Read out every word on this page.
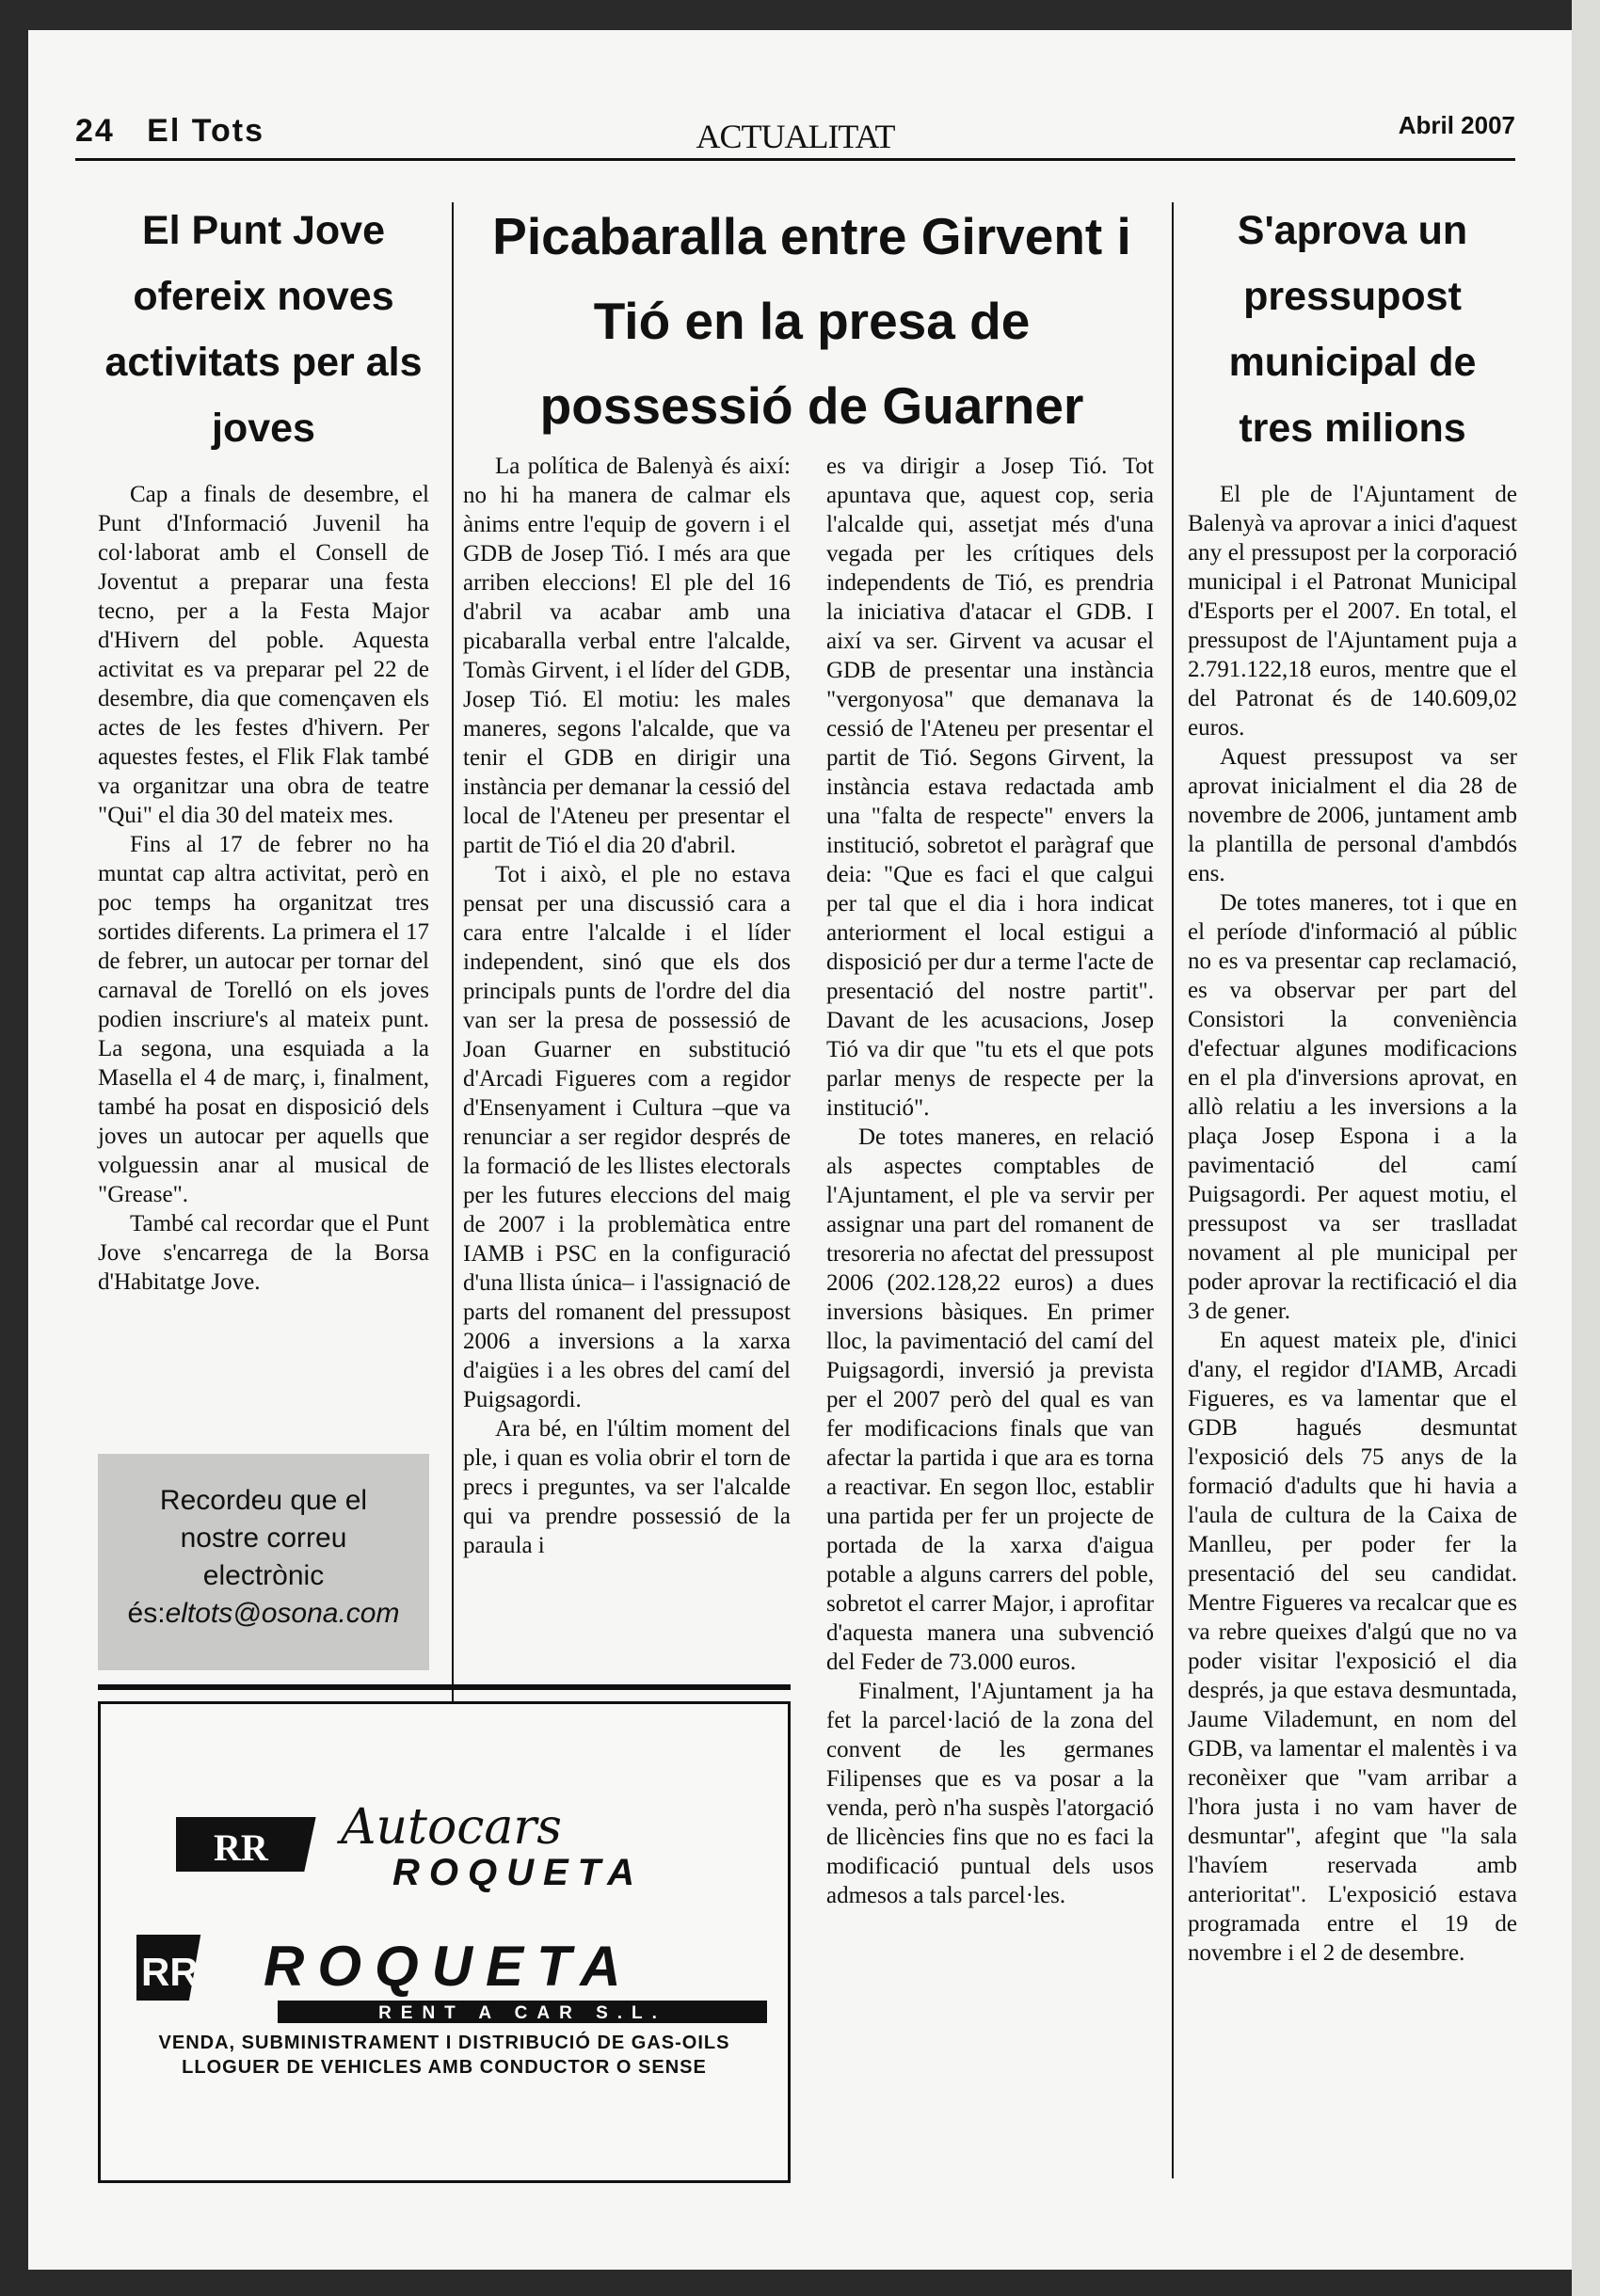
24 El Tots	ACTUALITAT	Abril 2007
El Punt Jove ofereix noves activitats per als joves

Cap a finals de desembre, el Punt d'Informació Juvenil ha col·laborat amb el Consell de Joventut a preparar una festa tecno, per a la Festa Major d'Hivern del poble. Aquesta activitat es va preparar pel 22 de desembre, dia que començaven els actes de les festes d'hivern. Per aquestes festes, el Flik Flak també va organitzar una obra de teatre "Qui" el dia 30 del mateix mes.

Fins al 17 de febrer no ha muntat cap altra activitat, però en poc temps ha organitzat tres sortides diferents. La primera el 17 de febrer, un autocar per tornar del carnaval de Torelló on els joves podien inscriure's al mateix punt. La segona, una esquiada a la Masella el 4 de març, i, finalment, també ha posat en disposició dels joves un autocar per aquells que volguessin anar al musical de "Grease".

També cal recordar que el Punt Jove s'encarrega de la Borsa d'Habitatge Jove.

Recordeu que el
nostre correu
electrònic
és:eltots@osona.com
Picabaralla entre Girvent i Tió en la presa de possessió de Guarner

La política de Balenyà és així: no hi ha manera de calmar els ànims entre l'equip de govern i el GDB de Josep Tió. I més ara que arriben eleccions! El ple del 16 d'abril va acabar amb una picabaralla verbal entre l'alcalde, Tomàs Girvent, i el líder del GDB, Josep Tió. El motiu: les males maneres, segons l'alcalde, que va tenir el GDB en dirigir una instància per demanar la cessió del local de l'Ateneu per presentar el partit de Tió el dia 20 d'abril.

Tot i això, el ple no estava pensat per una discussió cara a cara entre l'alcalde i el líder independent, sinó que els dos principals punts de l'ordre del dia van ser la presa de possessió de Joan Guarner en substitució d'Arcadi Figueres com a regidor d'Ensenyament i Cultura –que va renunciar a ser regidor després de la formació de les llistes electorals per les futures eleccions del maig de 2007 i la problemàtica entre IAMB i PSC en la configuració d'una llista única– i l'assignació de parts del romanent del pressupost 2006 a inversions a la xarxa d'aigües i a les obres del camí del Puigsagordi.

Ara bé, en l'últim moment del ple, i quan es volia obrir el torn de precs i preguntes, va ser l'alcalde qui va prendre possessió de la paraula i

es va dirigir a Josep Tió. Tot apuntava que, aquest cop, seria l'alcalde qui, assetjat més d'una vegada per les crítiques dels independents de Tió, es prendria la iniciativa d'atacar el GDB. I així va ser. Girvent va acusar el GDB de presentar una instància "vergonyosa" que demanava la cessió de l'Ateneu per presentar el partit de Tió. Segons Girvent, la instància estava redactada amb una "falta de respecte" envers la institució, sobretot el paràgraf que deia: "Que es faci el que calgui per tal que el dia i hora indicat anteriorment el local estigui a disposició per dur a terme l'acte de presentació del nostre partit". Davant de les acusacions, Josep Tió va dir que "tu ets el que pots parlar menys de respecte per la institució".

De totes maneres, en relació als aspectes comptables de l'Ajuntament, el ple va servir per assignar una part del romanent de tresoreria no afectat del pressupost 2006 (202.128,22 euros) a dues inversions bàsiques. En primer lloc, la pavimentació del camí del Puigsagordi, inversió ja prevista per el 2007 però del qual es van fer modificacions finals que van afectar la partida i que ara es torna a reactivar. En segon lloc, establir una partida per fer un projecte de portada de la xarxa d'aigua potable a alguns carrers del poble, sobretot el carrer Major, i aprofitar d'aquesta manera una subvenció del Feder de 73.000 euros.

Finalment, l'Ajuntament ja ha fet la parcel·lació de la zona del convent de les germanes Filipenses que es va posar a la venda, però n'ha suspès l'atorgació de llicències fins que no es faci la modificació puntual dels usos admesos a tals parcel·les.

S'aprova un pressupost municipal de tres milions

El ple de l'Ajuntament de Balenyà va aprovar a inici d'aquest any el pressupost per la corporació municipal i el Patronat Municipal d'Esports per el 2007. En total, el pressupost de l'Ajuntament puja a 2.791.122,18 euros, mentre que el del Patronat és de 140.609,02 euros.

Aquest pressupost va ser aprovat inicialment el dia 28 de novembre de 2006, juntament amb la plantilla de personal d'ambdós ens.

De totes maneres, tot i que en el període d'informació al públic no es va presentar cap reclamació, es va observar per part del Consistori la conveniència d'efectuar algunes modificacions en el pla d'inversions aprovat, en allò relatiu a les inversions a la plaça Josep Espona i a la pavimentació del camí Puigsagordi. Per aquest motiu, el pressupost va ser traslladat novament al ple municipal per poder aprovar la rectificació el dia 3 de gener.

En aquest mateix ple, d'inici d'any, el regidor d'IAMB, Arcadi Figueres, es va lamentar que el GDB hagués desmuntat l'exposició dels 75 anys de la formació d'adults que hi havia a l'aula de cultura de la Caixa de Manlleu, per poder fer la presentació del seu candidat. Mentre Figueres va recalcar que es va rebre queixes d'algú que no va poder visitar l'exposició el dia després, ja que estava desmuntada, Jaume Vilademunt, en nom del GDB, va lamentar el malentès i va reconèixer que "vam arribar a l'hora justa i no vam haver de desmuntar", afegint que "la sala l'havíem reservada amb anterioritat". L'exposició estava programada entre el 19 de novembre i el 2 de desembre.

RR Autocars
ROQUETA
RR ROQUETA
RENT A CAR S.L.
VENDA, SUBMINISTRAMENT I DISTRIBUCIÓ DE GAS-OILS
LLOGUER DE VEHICLES AMB CONDUCTOR O SENSE
